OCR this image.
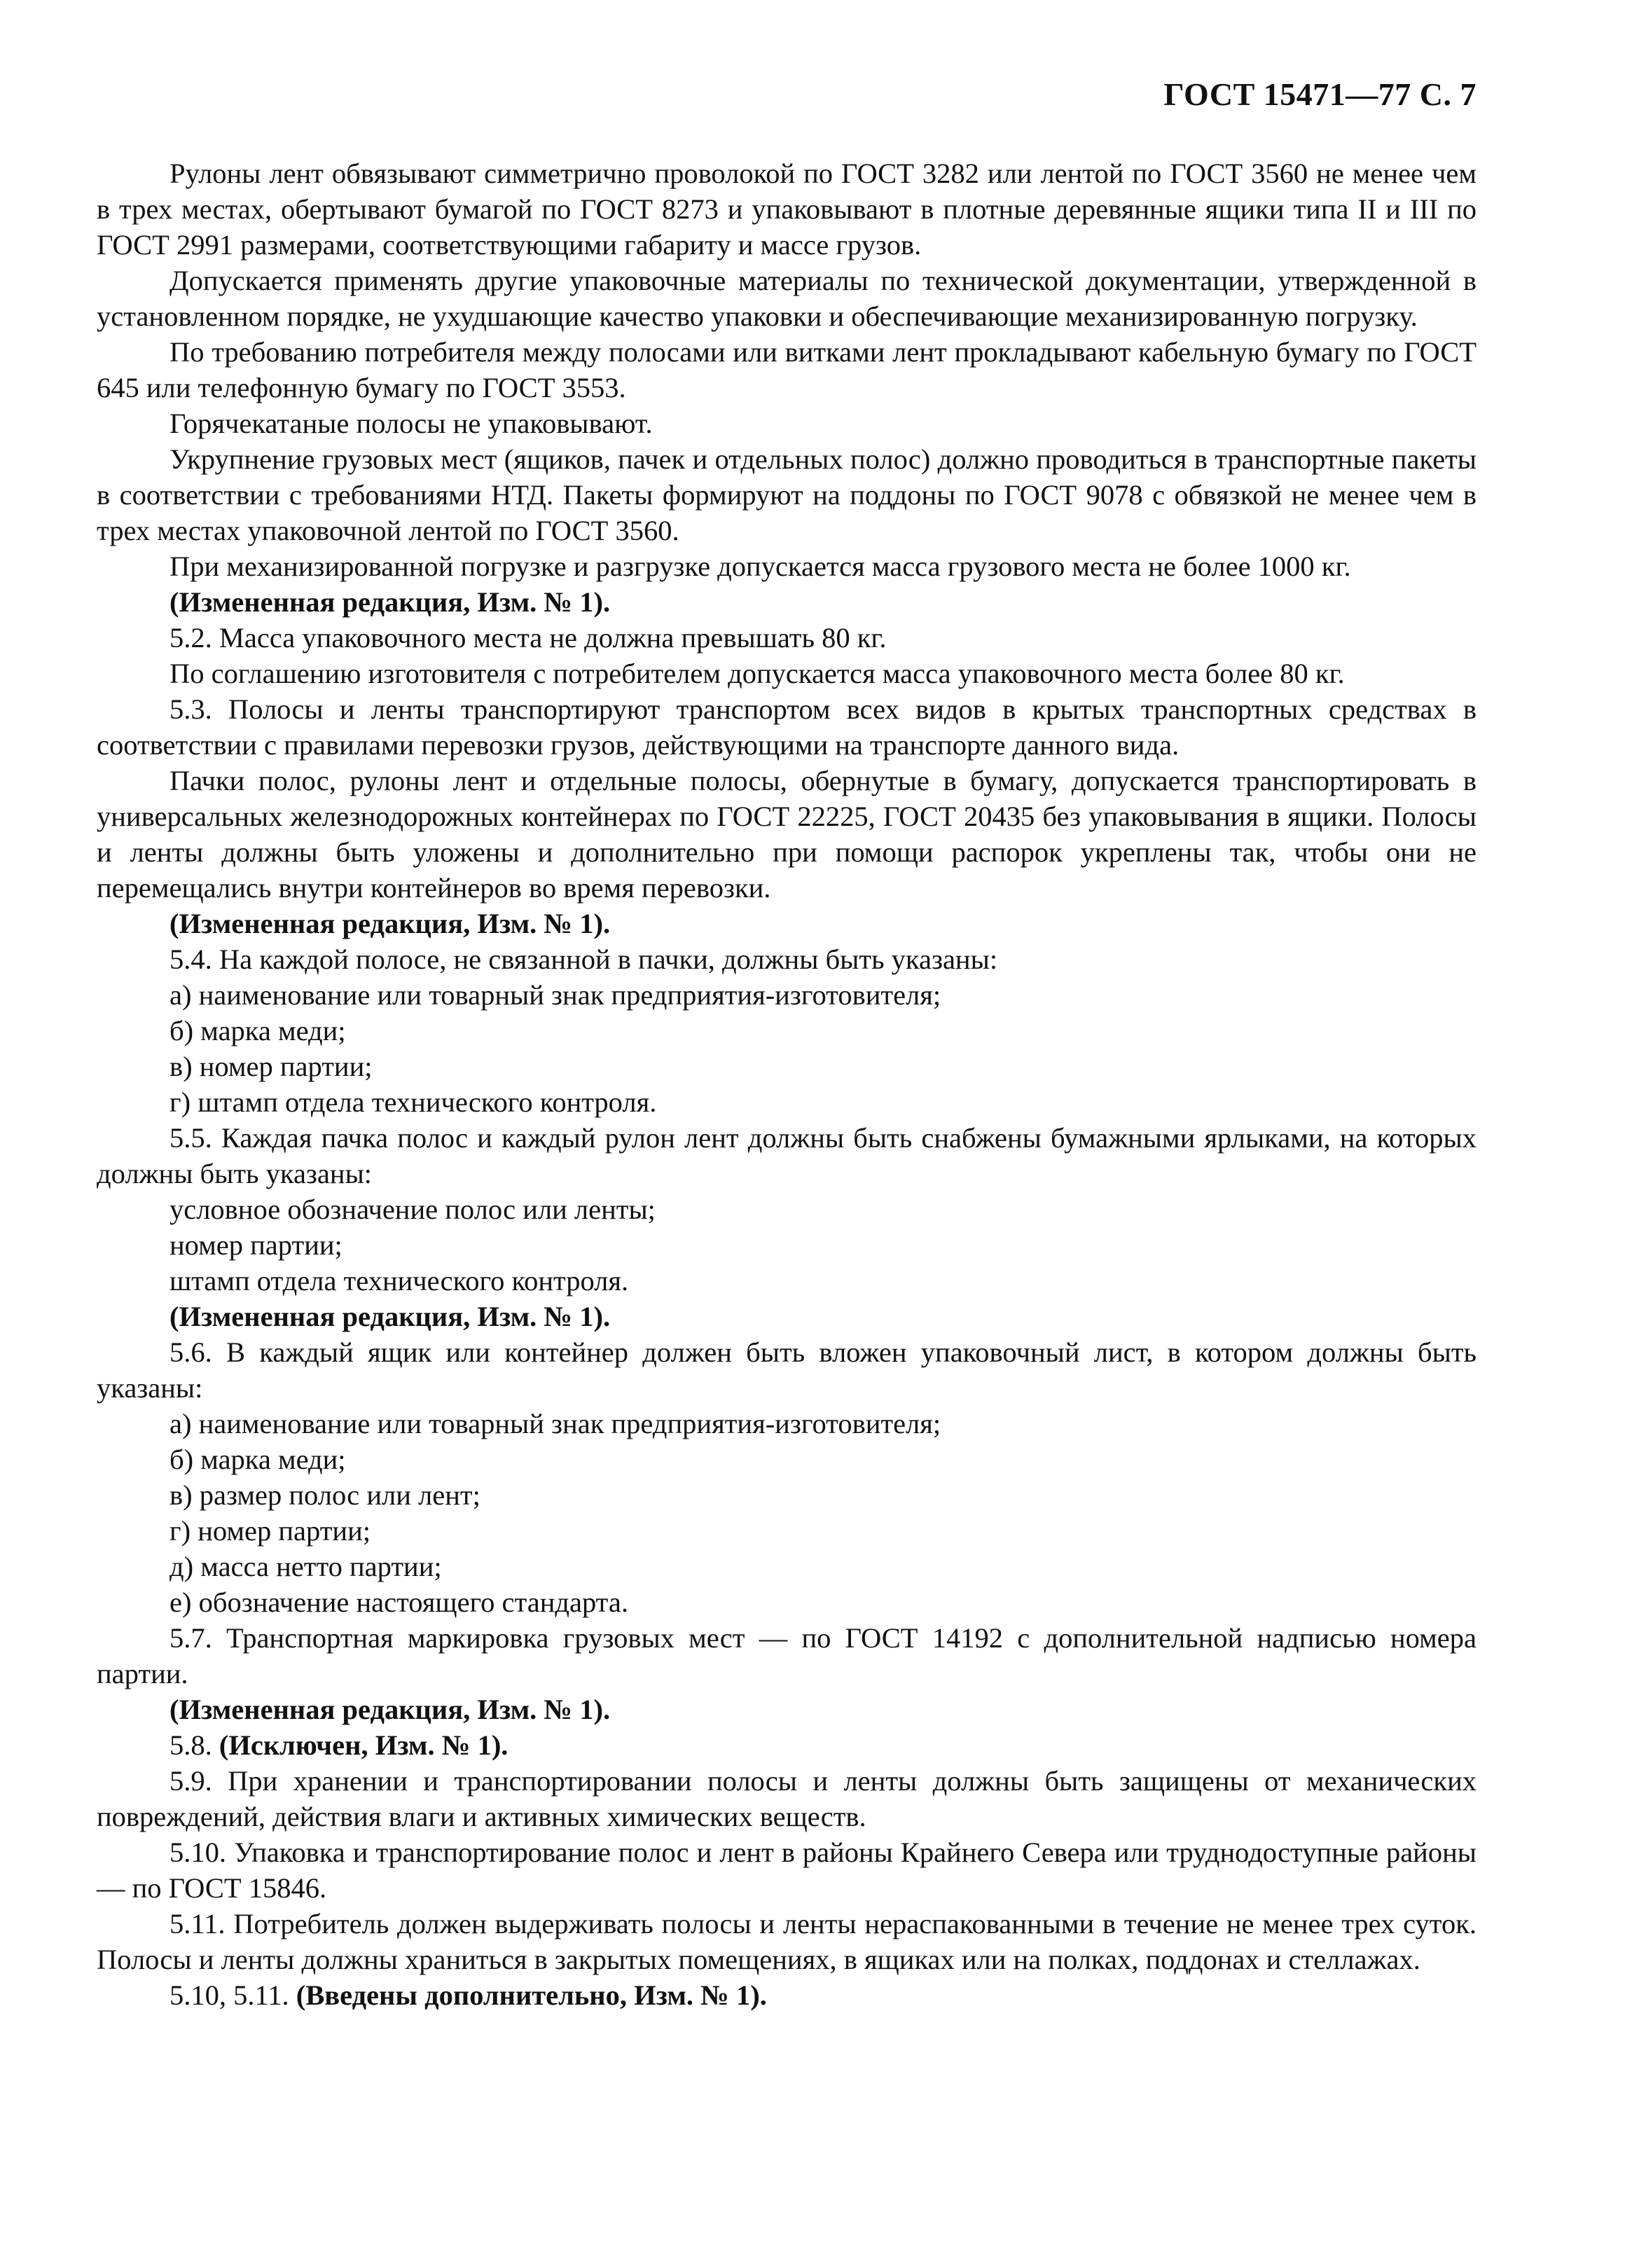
ГОСТ 15471—77 С. 7

Рулоны лент обвязывают симметрично проволокой по ГОСТ 3282 или лентой по ГОСТ 3560 не менее чем в трех местах, обертывают бумагой по ГОСТ 8273 и упаковывают в плотные деревянные ящики типа II и III по ГОСТ 2991 размерами, соответствующими габариту и массе грузов.

Допускается применять другие упаковочные материалы по технической документации, утвержденной в установленном порядке, не ухудшающие качество упаковки и обеспечивающие механизированную погрузку.

По требованию потребителя между полосами или витками лент прокладывают кабельную бумагу по ГОСТ 645 или телефонную бумагу по ГОСТ 3553.

Горячекатаные полосы не упаковывают.

Укрупнение грузовых мест (ящиков, пачек и отдельных полос) должно проводиться в транспортные пакеты в соответствии с требованиями НТД. Пакеты формируют на поддоны по ГОСТ 9078 с обвязкой не менее чем в трех местах упаковочной лентой по ГОСТ 3560.

При механизированной погрузке и разгрузке допускается масса грузового места не более 1000 кг.

(Измененная редакция, Изм. № 1).

5.2. Масса упаковочного места не должна превышать 80 кг.

По соглашению изготовителя с потребителем допускается масса упаковочного места более 80 кг.

5.3. Полосы и ленты транспортируют транспортом всех видов в крытых транспортных средствах в соответствии с правилами перевозки грузов, действующими на транспорте данного вида.

Пачки полос, рулоны лент и отдельные полосы, обернутые в бумагу, допускается транспортировать в универсальных железнодорожных контейнерах по ГОСТ 22225, ГОСТ 20435 без упаковывания в ящики. Полосы и ленты должны быть уложены и дополнительно при помощи распорок укреплены так, чтобы они не перемещались внутри контейнеров во время перевозки.

(Измененная редакция, Изм. № 1).

5.4. На каждой полосе, не связанной в пачки, должны быть указаны:

а) наименование или товарный знак предприятия-изготовителя;

б) марка меди;

в) номер партии;

г) штамп отдела технического контроля.

5.5. Каждая пачка полос и каждый рулон лент должны быть снабжены бумажными ярлыками, на которых должны быть указаны:

условное обозначение полос или ленты;

номер партии;

штамп отдела технического контроля.

(Измененная редакция, Изм. № 1).

5.6. В каждый ящик или контейнер должен быть вложен упаковочный лист, в котором должны быть указаны:

а) наименование или товарный знак предприятия-изготовителя;

б) марка меди;

в) размер полос или лент;

г) номер партии;

д) масса нетто партии;

е) обозначение настоящего стандарта.

5.7. Транспортная маркировка грузовых мест — по ГОСТ 14192 с дополнительной надписью номера партии.

(Измененная редакция, Изм. № 1).

5.8. (Исключен, Изм. № 1).

5.9. При хранении и транспортировании полосы и ленты должны быть защищены от механических повреждений, действия влаги и активных химических веществ.

5.10. Упаковка и транспортирование полос и лент в районы Крайнего Севера или труднодоступные районы — по ГОСТ 15846.

5.11. Потребитель должен выдерживать полосы и ленты нераспакованными в течение не менее трех суток. Полосы и ленты должны храниться в закрытых помещениях, в ящиках или на полках, поддонах и стеллажах.

5.10, 5.11. (Введены дополнительно, Изм. № 1).
